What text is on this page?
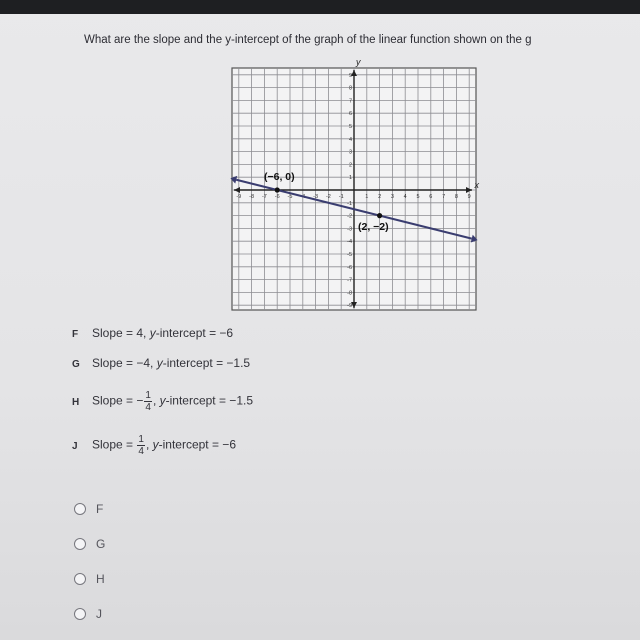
What are the slope and the y-intercept of the graph of the linear function shown on the g
-9 -8 -7 -6 -5	-3 -2 -1	1 2 3 4 5 6 7 8 9
9
8
7
6
5
4
3
2
1
-1
-2
-3
-4
-5
-6
-7
-8
-9
x
y
(−6, 0)
(2, −2)
F Slope = 4, y-intercept = −6
G Slope = −4, y-intercept = −1.5
H Slope = − $\frac{1}{4}$ , y-intercept = −1.5
J Slope = $\frac{1}{4}$ , y-intercept = −6
F
G
H
J
